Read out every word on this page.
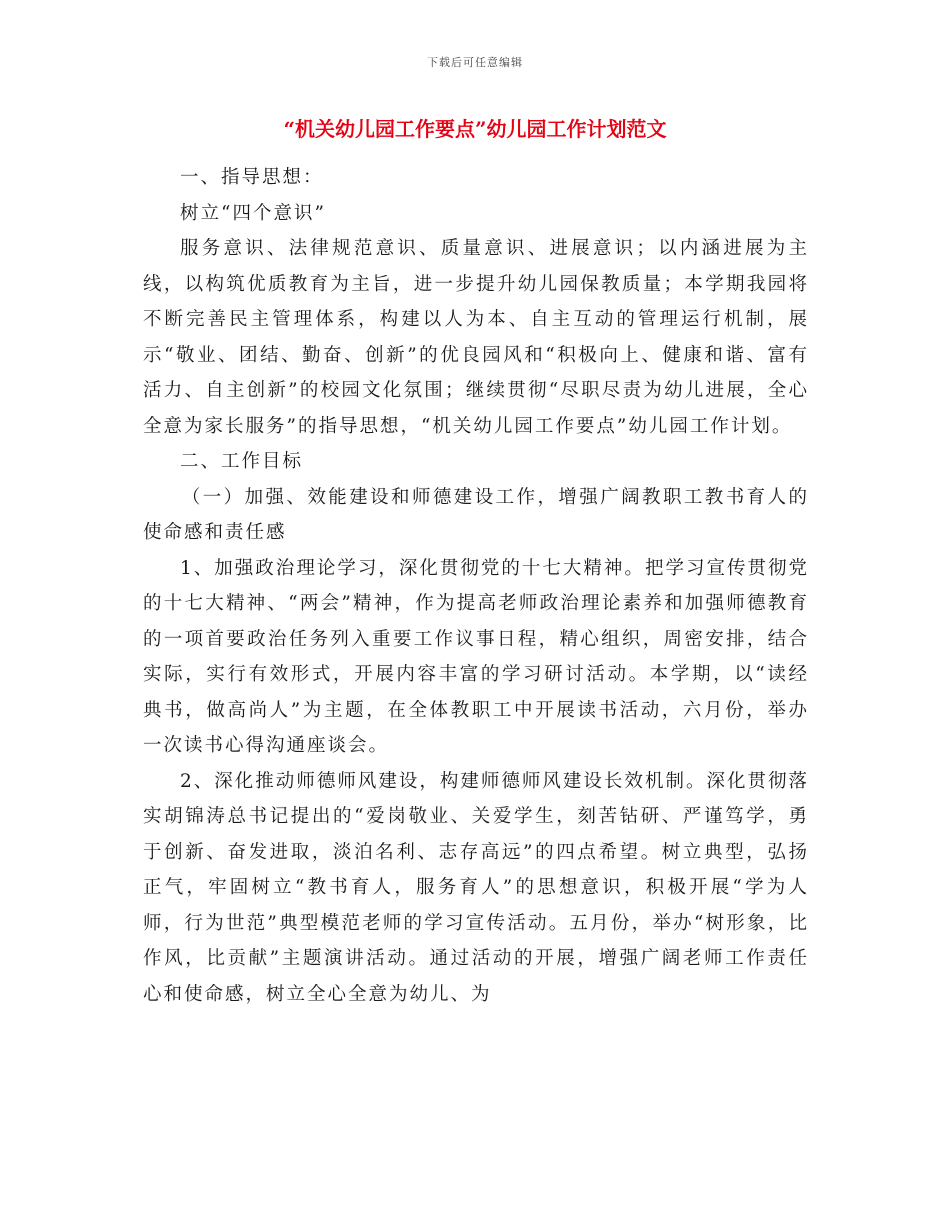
下载后可任意编辑
“机关幼儿园工作要点”幼儿园工作计划范文

一、指导思想：

树立“四个意识”

服务意识、法律规范意识、质量意识、进展意识；以内涵进展为主线，以构筑优质教育为主旨，进一步提升幼儿园保教质量；本学期我园将不断完善民主管理体系，构建以人为本、自主互动的管理运行机制，展示“敬业、团结、勤奋、创新”的优良园风和“积极向上、健康和谐、富有活力、自主创新”的校园文化氛围；继续贯彻“尽职尽责为幼儿进展，全心全意为家长服务”的指导思想，“机关幼儿园工作要点”幼儿园工作计划。

二、工作目标

（一）加强、效能建设和师德建设工作，增强广阔教职工教书育人的使命感和责任感

1、加强政治理论学习，深化贯彻党的十七大精神。把学习宣传贯彻党的十七大精神、“两会”精神，作为提高老师政治理论素养和加强师德教育的一项首要政治任务列入重要工作议事日程，精心组织，周密安排，结合实际，实行有效形式，开展内容丰富的学习研讨活动。本学期，以“读经典书，做高尚人”为主题，在全体教职工中开展读书活动，六月份，举办一次读书心得沟通座谈会。

2、深化推动师德师风建设，构建师德师风建设长效机制。深化贯彻落实胡锦涛总书记提出的“爱岗敬业、关爱学生，刻苦钻研、严谨笃学，勇于创新、奋发进取，淡泊名利、志存高远”的四点希望。树立典型，弘扬正气，牢固树立“教书育人，服务育人”的思想意识，积极开展“学为人师，行为世范”典型模范老师的学习宣传活动。五月份，举办“树形象，比作风，比贡献”主题演讲活动。通过活动的开展，增强广阔老师工作责任心和使命感，树立全心全意为幼儿、为
